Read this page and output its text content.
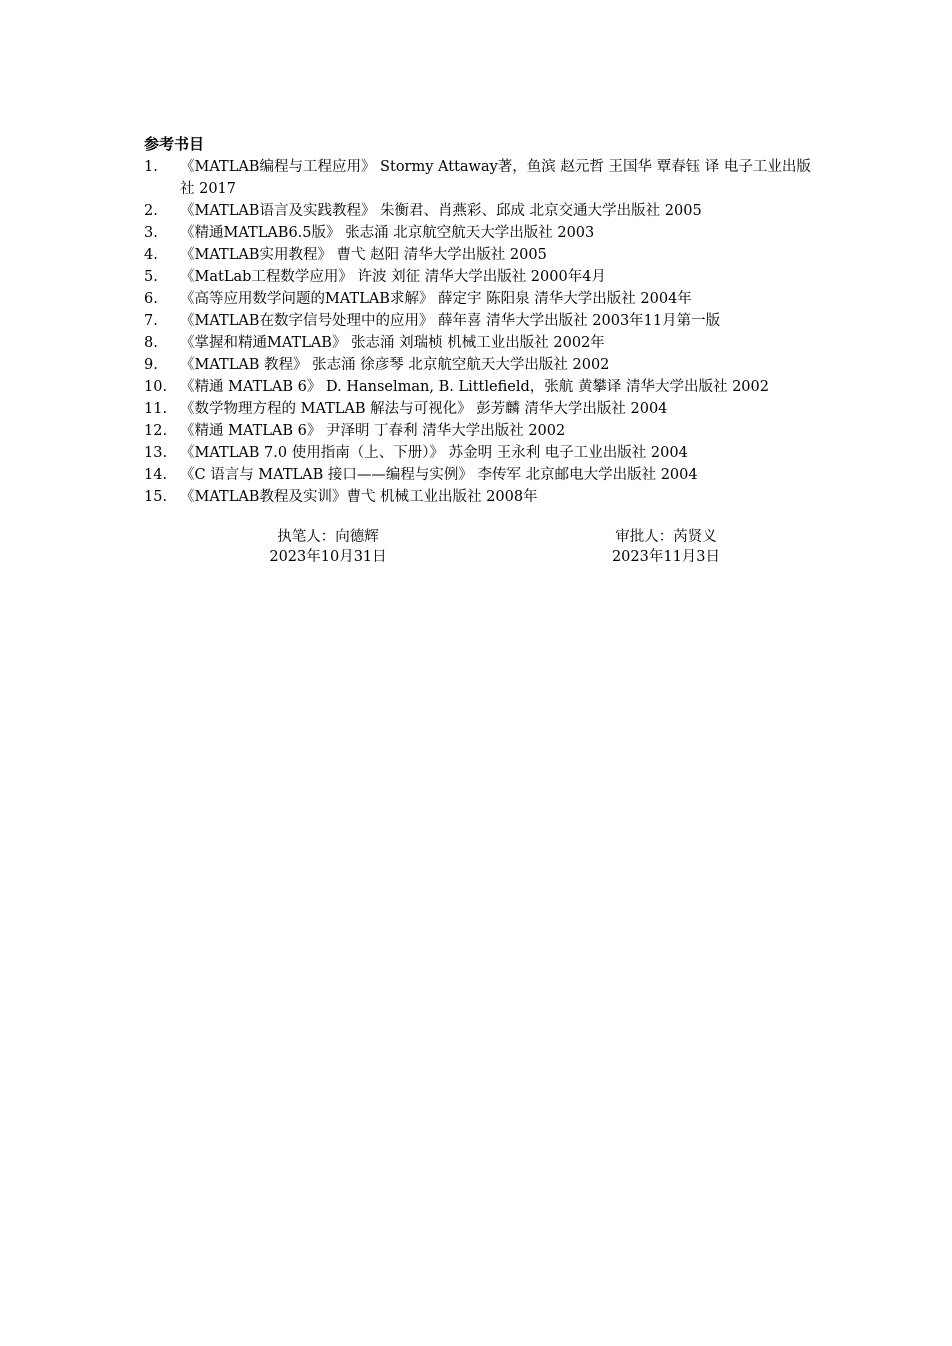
参考书目
1.	《MATLAB编程与工程应用》 Stormy Attaway著，鱼滨 赵元哲 王国华 覃春钰 译 电子工业出版社 2017
2.	《MATLAB语言及实践教程》 朱衡君、肖燕彩、邱成 北京交通大学出版社 2005
3.	《精通MATLAB6.5版》 张志涌 北京航空航天大学出版社 2003
4.	《MATLAB实用教程》 曹弋 赵阳 清华大学出版社 2005
5.	《MatLab工程数学应用》 许波 刘征 清华大学出版社 2000年4月
6.	《高等应用数学问题的MATLAB求解》 薛定宇 陈阳泉 清华大学出版社 2004年
7.	《MATLAB在数字信号处理中的应用》 薛年喜 清华大学出版社 2003年11月第一版
8.	《掌握和精通MATLAB》 张志涌 刘瑞桢 机械工业出版社 2002年
9.	《MATLAB 教程》 张志涌 徐彦琴 北京航空航天大学出版社 2002
10. 《精通 MATLAB 6》 D. Hanselman, B. Littlefield，张航 黄攀译 清华大学出版社 2002
11. 《数学物理方程的 MATLAB 解法与可视化》 彭芳麟 清华大学出版社 2004
12. 《精通 MATLAB 6》 尹泽明 丁春利 清华大学出版社 2002
13. 《MATLAB 7.0 使用指南（上、下册）》 苏金明 王永利 电子工业出版社 2004
14. 《C 语言与 MATLAB 接口——编程与实例》 李传军 北京邮电大学出版社 2004
15. 《MATLAB教程及实训》曹弋 机械工业出版社 2008年
执笔人：向德辉
2023年10月31日
审批人：芮贤义
2023年11月3日
